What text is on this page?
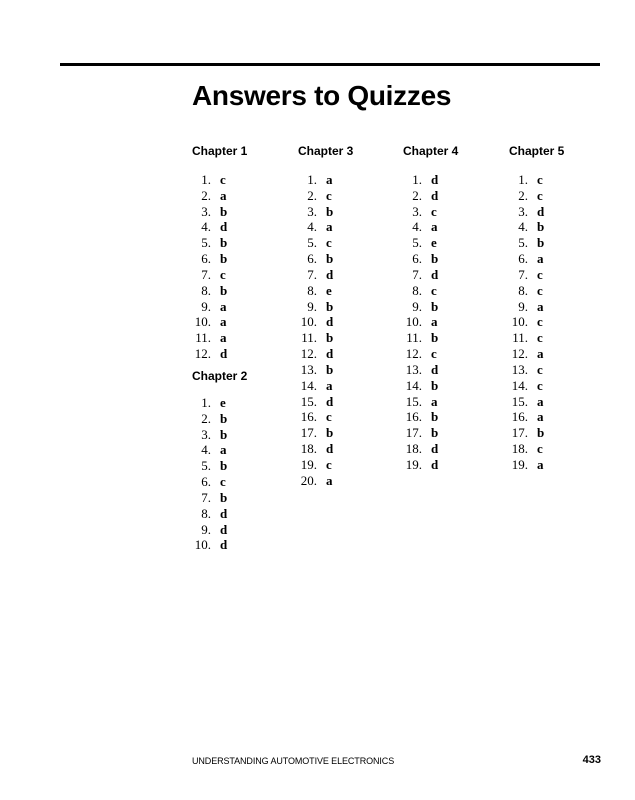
Answers to Quizzes
Chapter 1
1. c
2. a
3. b
4. d
5. b
6. b
7. c
8. b
9. a
10. a
11. a
12. d
Chapter 2
1. e
2. b
3. b
4. a
5. b
6. c
7. b
8. d
9. d
10. d
Chapter 3
1. a
2. c
3. b
4. a
5. c
6. b
7. d
8. e
9. b
10. d
11. b
12. d
13. b
14. a
15. d
16. c
17. b
18. d
19. c
20. a
Chapter 4
1. d
2. d
3. c
4. a
5. e
6. b
7. d
8. c
9. b
10. a
11. b
12. c
13. d
14. b
15. a
16. b
17. b
18. d
19. d
Chapter 5
1. c
2. c
3. d
4. b
5. b
6. a
7. c
8. c
9. a
10. c
11. c
12. a
13. c
14. c
15. a
16. a
17. b
18. c
19. a
UNDERSTANDING AUTOMOTIVE ELECTRONICS	433
